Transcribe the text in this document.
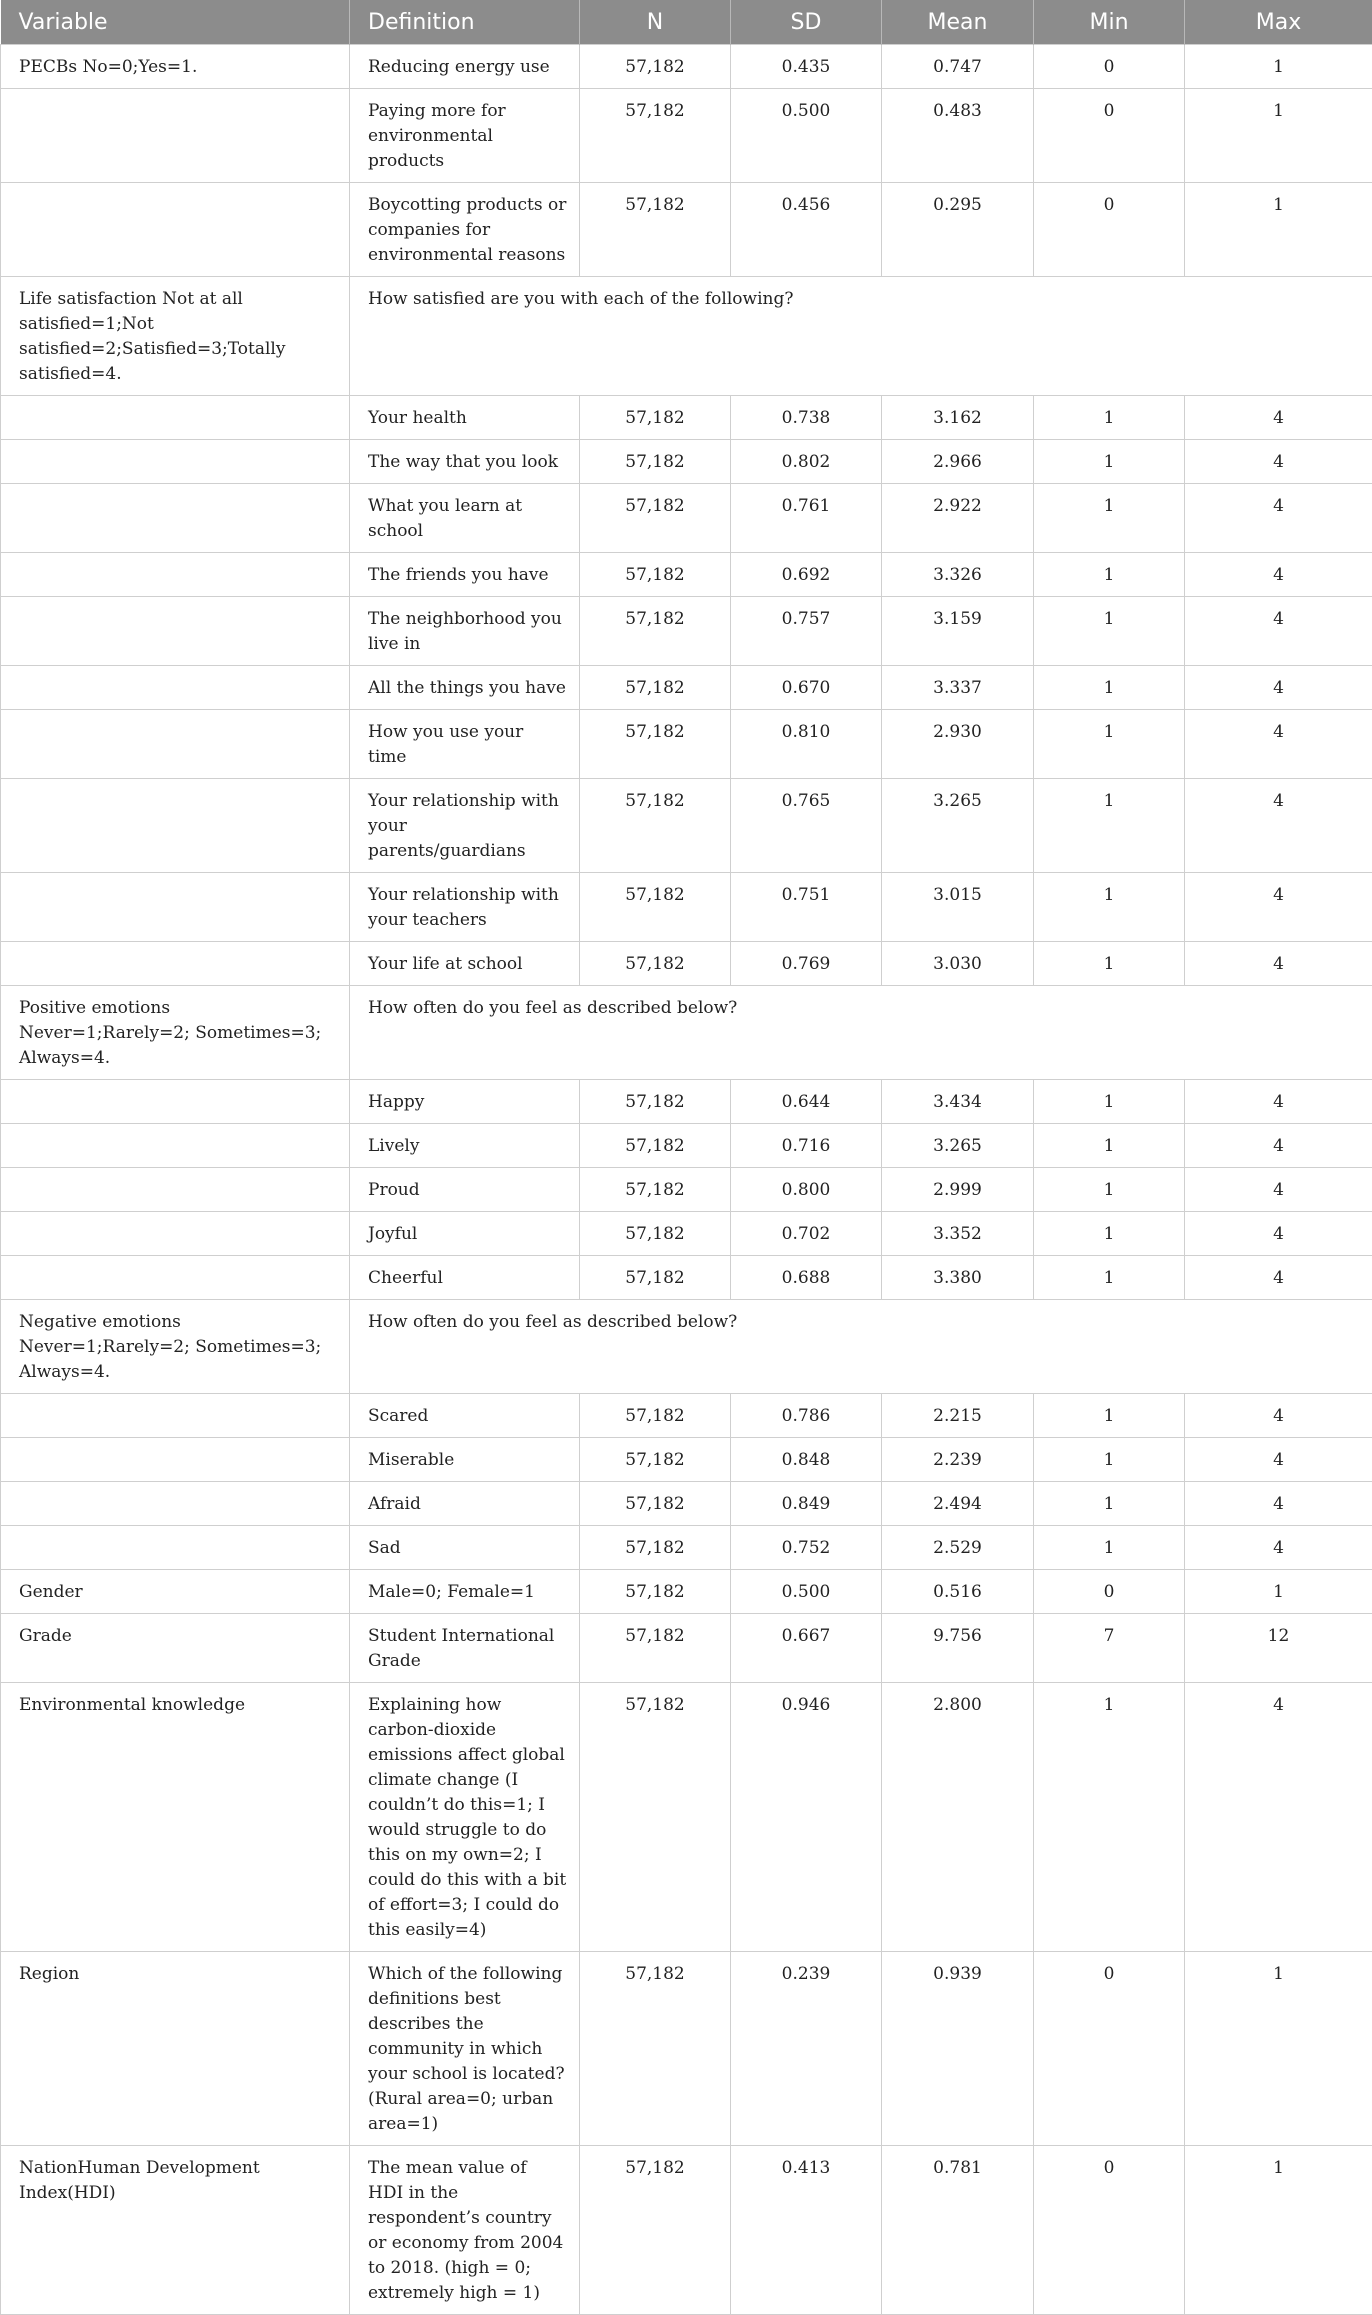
Variable	Definition	N	SD	Mean	Min	Max
PECBs No=0;Yes=1.	Reducing energy use	57,182	0.435	0.747	0	1
	Paying more for environmental products	57,182	0.500	0.483	0	1
	Boycotting products or companies for environmental reasons	57,182	0.456	0.295	0	1
Life satisfaction Not at all satisfied=1;Not satisfied=2;Satisfied=3;Totally satisfied=4.	How satisfied are you with each of the following?					
	Your health	57,182	0.738	3.162	1	4
	The way that you look	57,182	0.802	2.966	1	4
	What you learn at school	57,182	0.761	2.922	1	4
	The friends you have	57,182	0.692	3.326	1	4
	The neighborhood you live in	57,182	0.757	3.159	1	4
	All the things you have	57,182	0.670	3.337	1	4
	How you use your time	57,182	0.810	2.930	1	4
	Your relationship with your parents/guardians	57,182	0.765	3.265	1	4
	Your relationship with your teachers	57,182	0.751	3.015	1	4
	Your life at school	57,182	0.769	3.030	1	4
Positive emotions Never=1;Rarely=2; Sometimes=3; Always=4.	How often do you feel as described below?					
	Happy	57,182	0.644	3.434	1	4
	Lively	57,182	0.716	3.265	1	4
	Proud	57,182	0.800	2.999	1	4
	Joyful	57,182	0.702	3.352	1	4
	Cheerful	57,182	0.688	3.380	1	4
Negative emotions Never=1;Rarely=2; Sometimes=3; Always=4.	How often do you feel as described below?					
	Scared	57,182	0.786	2.215	1	4
	Miserable	57,182	0.848	2.239	1	4
	Afraid	57,182	0.849	2.494	1	4
	Sad	57,182	0.752	2.529	1	4
Gender	Male=0; Female=1	57,182	0.500	0.516	0	1
Grade	Student International Grade	57,182	0.667	9.756	7	12
Environmental knowledge	Explaining how carbon-dioxide emissions affect global climate change (I couldn’t do this=1; I would struggle to do this on my own=2; I could do this with a bit of effort=3; I could do this easily=4)	57,182	0.946	2.800	1	4
Region	Which of the following definitions best describes the community in which your school is located? (Rural area=0; urban area=1)	57,182	0.239	0.939	0	1
NationHuman Development Index(HDI)	The mean value of HDI in the respondent’s country or economy from 2004 to 2018. (high = 0; extremely high = 1)	57,182	0.413	0.781	0	1
